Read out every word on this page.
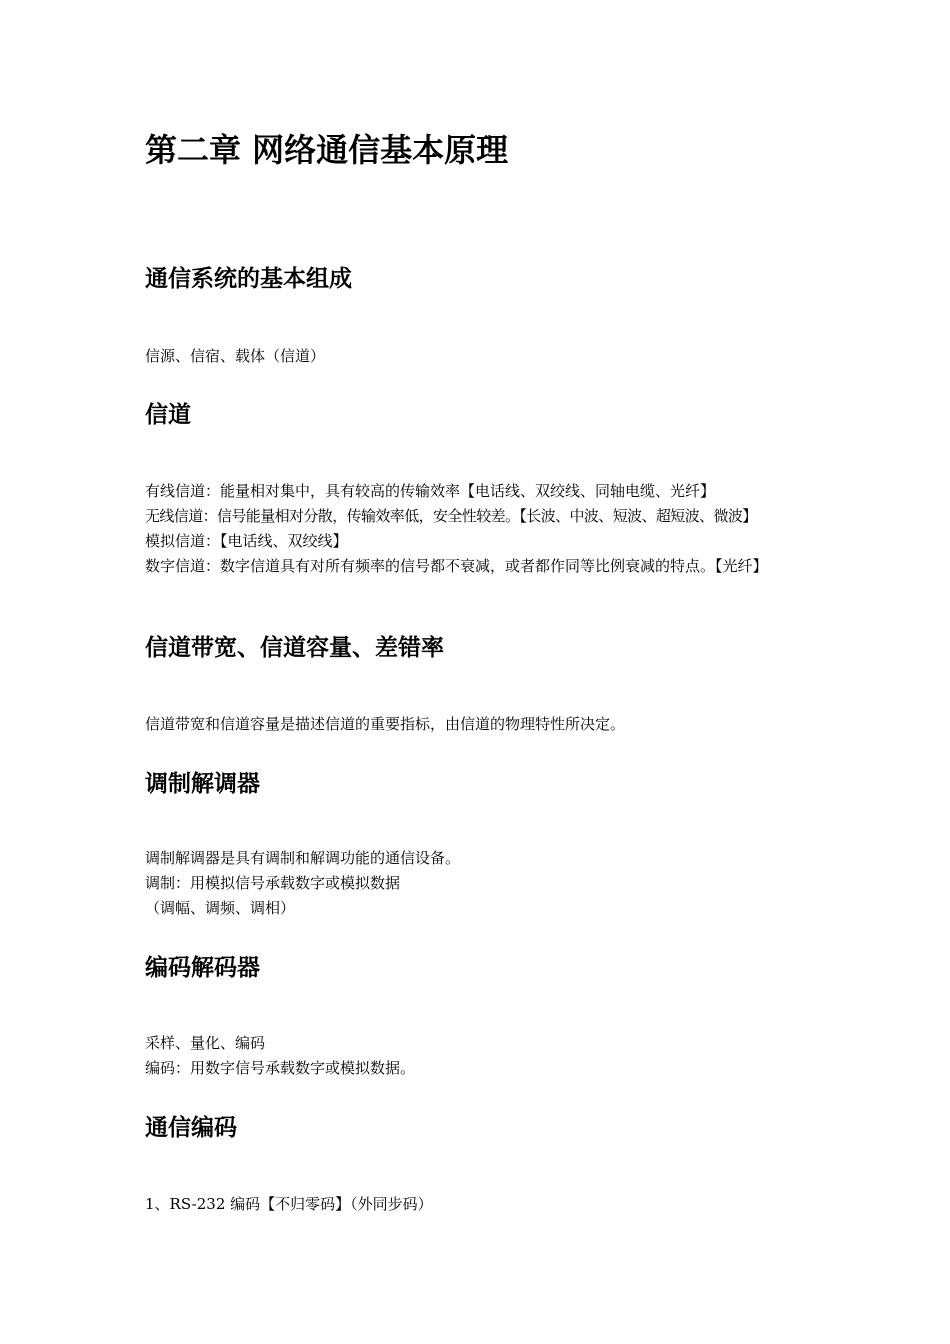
第二章 网络通信基本原理
通信系统的基本组成

信源、信宿、载体（信道）

信道

有线信道：能量相对集中，具有较高的传输效率【电话线、双绞线、同轴电缆、光纤】

无线信道：信号能量相对分散，传输效率低，安全性较差。【长波、中波、短波、超短波、微波】

模拟信道：【电话线、双绞线】

数字信道：数字信道具有对所有频率的信号都不衰减，或者都作同等比例衰减的特点。【光纤】

信道带宽、信道容量、差错率

信道带宽和信道容量是描述信道的重要指标，由信道的物理特性所决定。

调制解调器

调制解调器是具有调制和解调功能的通信设备。

调制：用模拟信号承载数字或模拟数据

（调幅、调频、调相）

编码解码器

采样、量化、编码

编码：用数字信号承载数字或模拟数据。

通信编码

1、RS-232 编码【不归零码】（外同步码）
